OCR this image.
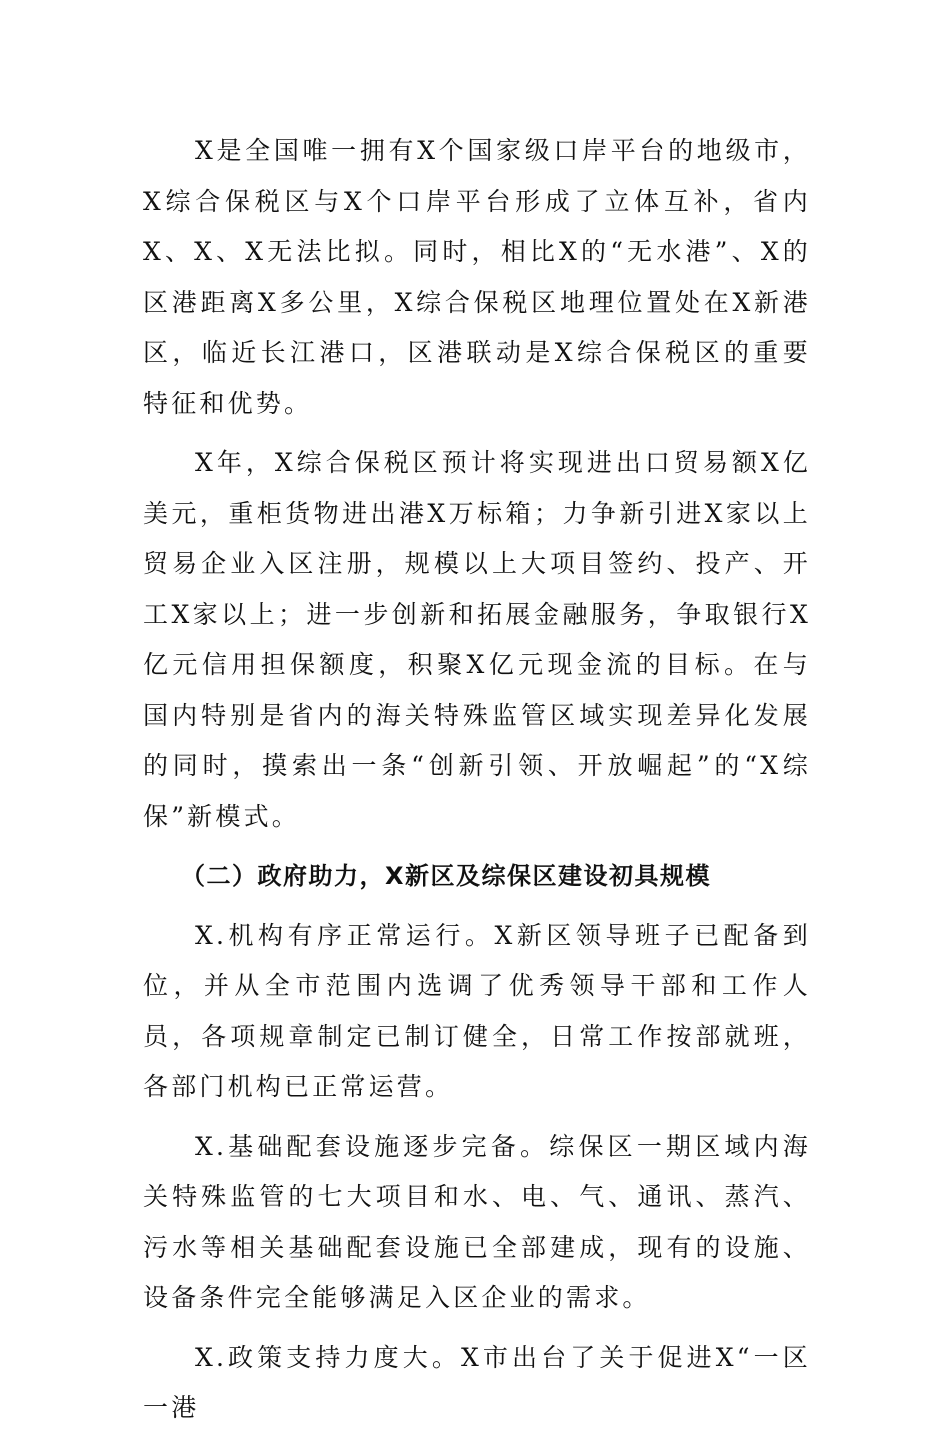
X是全国唯一拥有X个国家级口岸平台的地级市，X综合保税区与X个口岸平台形成了立体互补，省内X、X、X无法比拟。同时，相比X的“无水港”、X的区港距离X多公里，X综合保税区地理位置处在X新港区，临近长江港口，区港联动是X综合保税区的重要特征和优势。

X年，X综合保税区预计将实现进出口贸易额X亿美元，重柜货物进出港X万标箱；力争新引进X家以上贸易企业入区注册，规模以上大项目签约、投产、开工X家以上；进一步创新和拓展金融服务，争取银行X亿元信用担保额度，积聚X亿元现金流的目标。在与国内特别是省内的海关特殊监管区域实现差异化发展的同时，摸索出一条“创新引领、开放崛起”的“X综保”新模式。

（二）政府助力，X新区及综保区建设初具规模

X.机构有序正常运行。X新区领导班子已配备到位，并从全市范围内选调了优秀领导干部和工作人员，各项规章制定已制订健全，日常工作按部就班，各部门机构已正常运营。

X.基础配套设施逐步完备。综保区一期区域内海关特殊监管的七大项目和水、电、气、通讯、蒸汽、污水等相关基础配套设施已全部建成，现有的设施、设备条件完全能够满足入区企业的需求。

X.政策支持力度大。X市出台了关于促进X“一区一港
